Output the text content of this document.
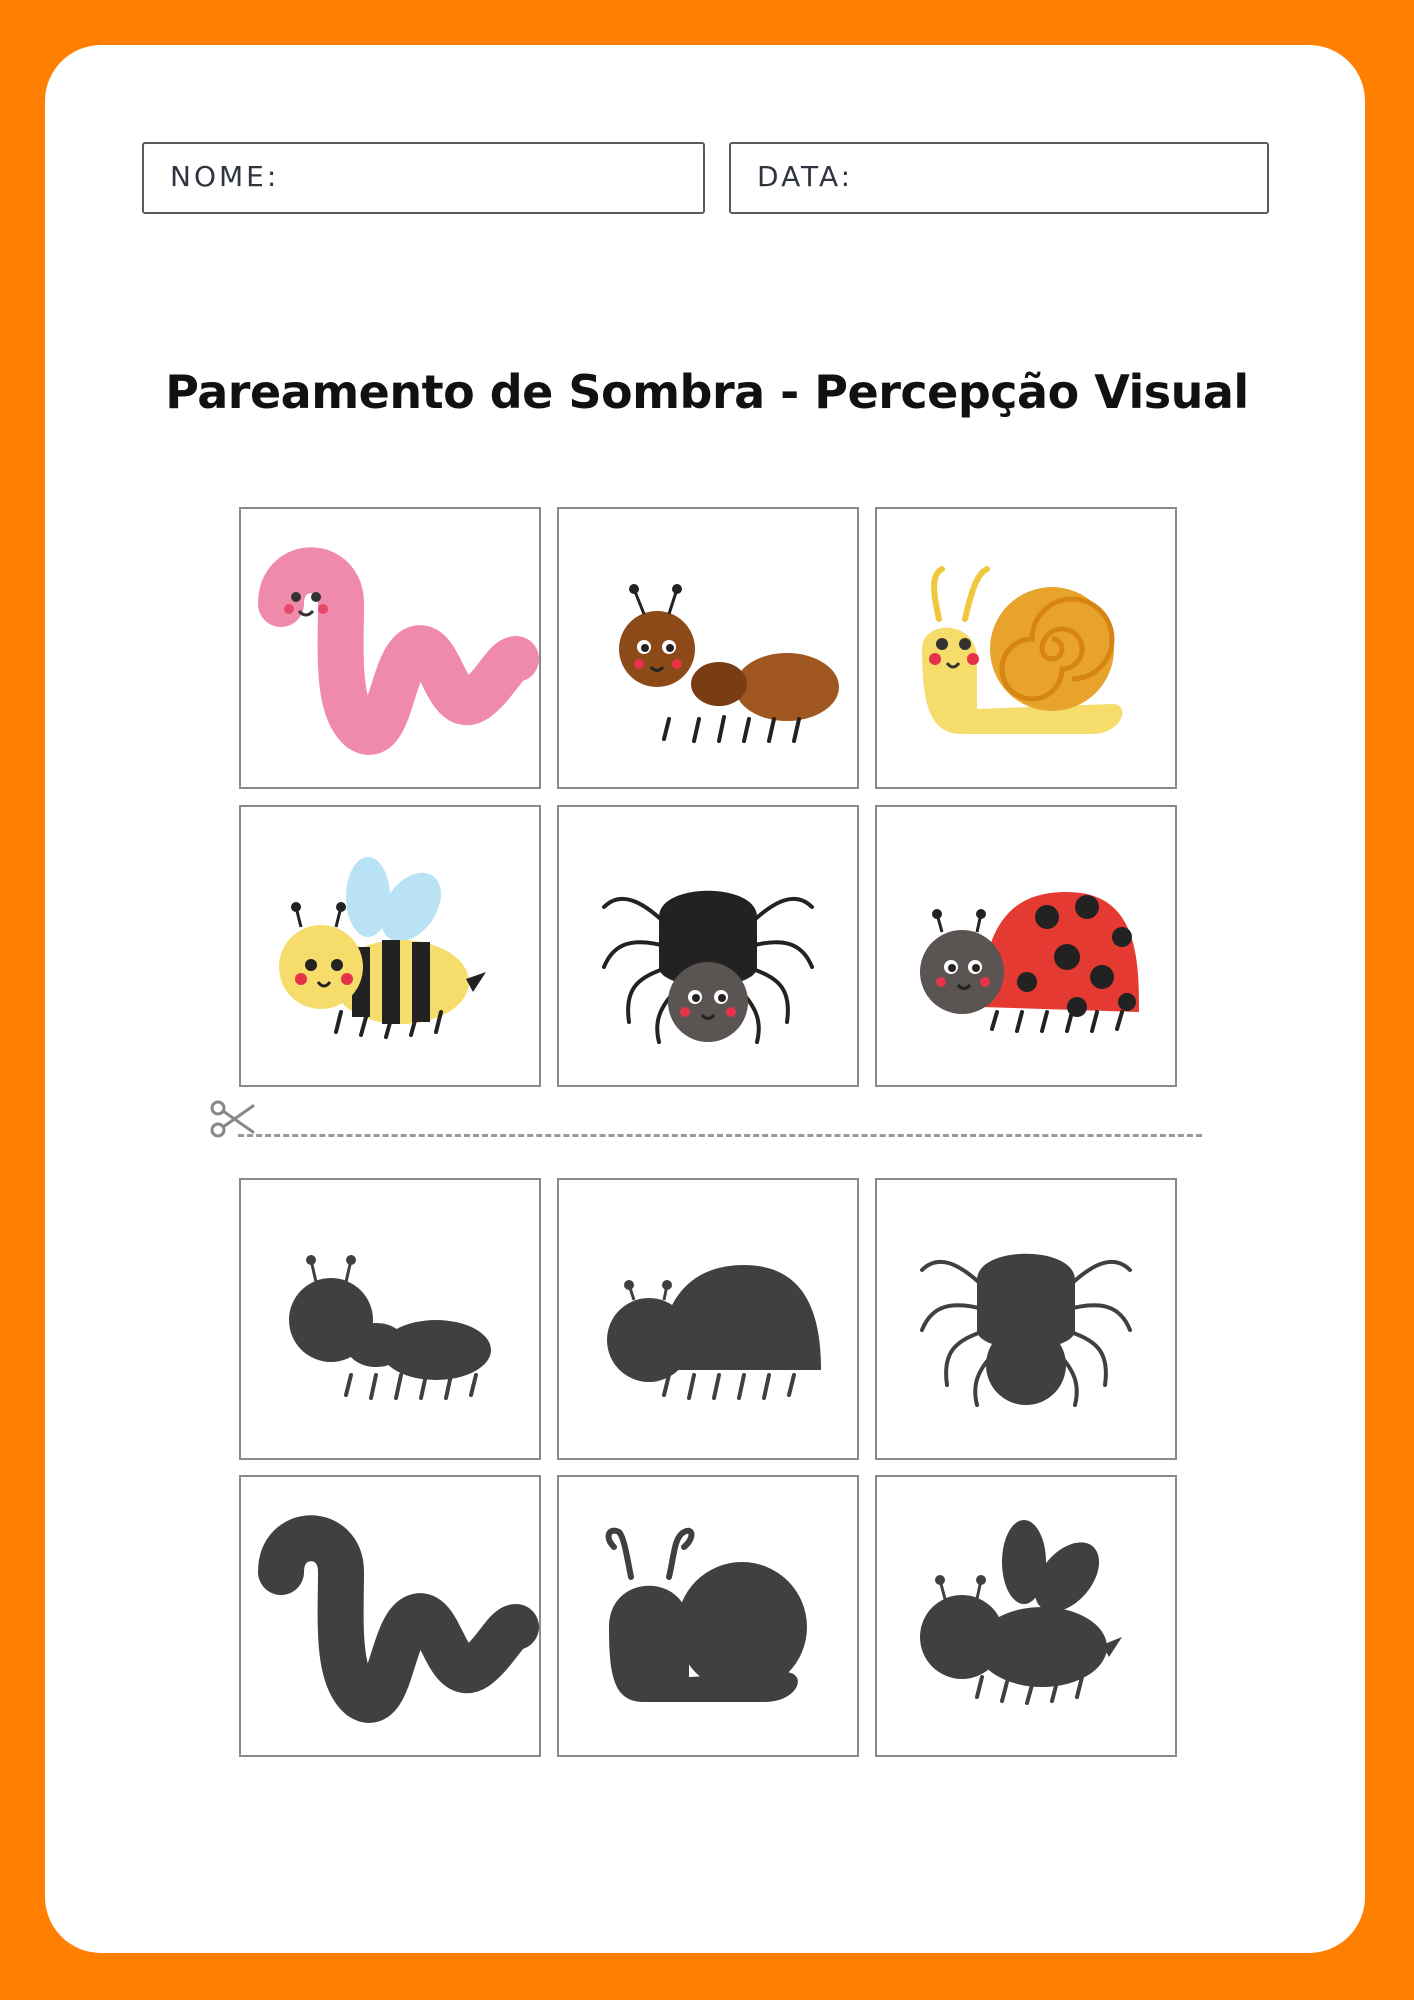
NOME:	DATA:
Pareamento de Sombra - Percepção Visual
